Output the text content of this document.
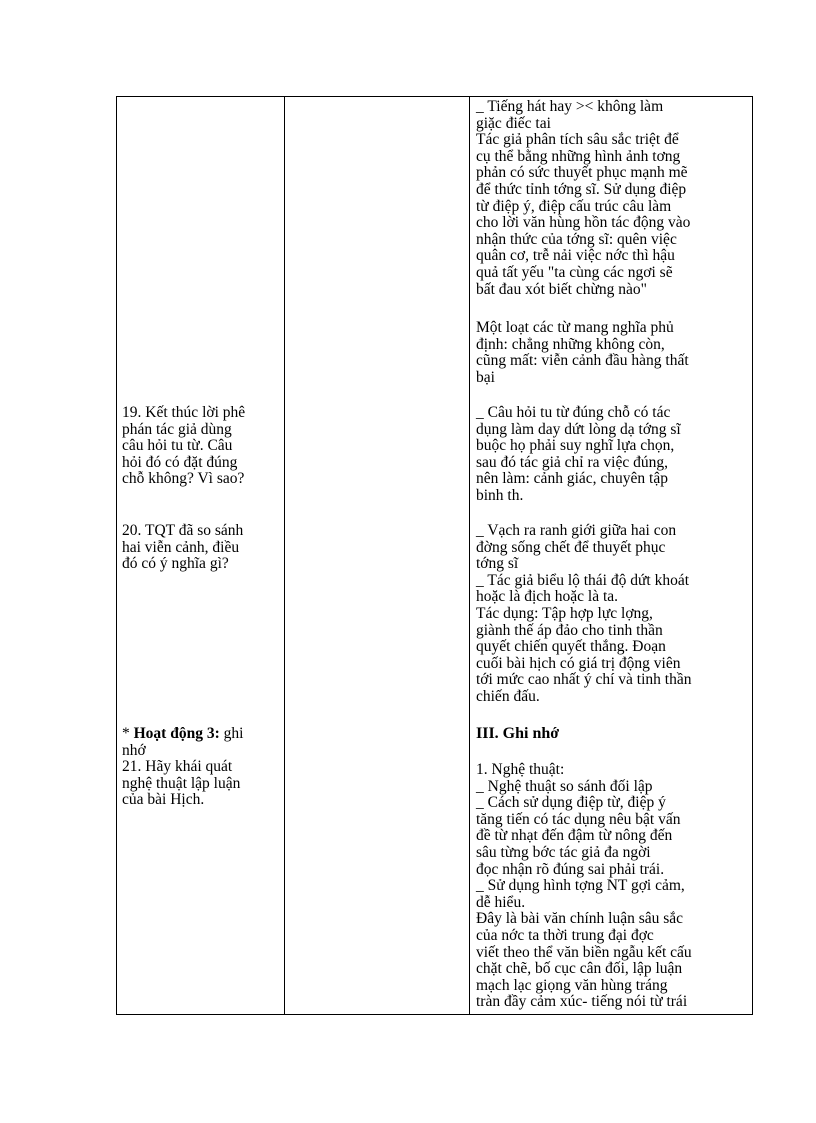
_ Tiếng hát hay >< không làm
giặc điếc tai
Tác giả phân tích sâu sắc triệt để
cụ thể bằng những hình ảnh tơng
phản có sức thuyết phục mạnh mẽ
để thức tỉnh tớng sĩ. Sử dụng điệp
từ điệp ý, điệp cấu trúc câu làm
cho lời văn hùng hồn tác động vào
nhận thức của tớng sĩ: quên việc
quân cơ, trễ nải việc nớc thì hậu
quả tất yếu "ta cùng các ngơi sẽ
bất đau xót biết chừng nào"
Một loạt các từ mang nghĩa phủ
định: chẳng những không còn,
cũng mất: viễn cảnh đầu hàng thất
bại
_ Câu hỏi tu từ đúng chỗ có tác
dụng làm day dứt lòng dạ tớng sĩ
buộc họ phải suy nghĩ lựa chọn,
sau đó tác giả chỉ ra việc đúng,
nên làm: cảnh giác, chuyên tập
binh th.
_ Vạch ra ranh giới giữa hai con
đờng sống chết để thuyết phục
tớng sĩ
_ Tác giả biểu lộ thái độ dứt khoát
hoặc là địch hoặc là ta.
Tác dụng: Tập hợp lực lợng,
giành thế áp đảo cho tinh thần
quyết chiến quyết thắng. Đoạn
cuối bài hịch có giá trị động viên
tới mức cao nhất ý chí và tinh thần
chiến đấu.
III. Ghi nhớ
1. Nghệ thuật:
_ Nghệ thuật so sánh đối lập
_ Cách sử dụng điệp từ, điệp ý
tăng tiến có tác dụng nêu bật vấn
đề từ nhạt đến đậm từ nông đến
sâu từng bớc tác giả đa ngời
đọc nhận rõ đúng sai phải trái.
_ Sử dụng hình tợng NT gợi cảm,
dễ hiểu.
Đây là bài văn chính luận sâu sắc
của nớc ta thời trung đại đợc
viết theo thể văn biền ngẫu kết cấu
chặt chẽ, bố cục cân đối, lập luận
mạch lạc giọng văn hùng tráng
tràn đầy cảm xúc- tiếng nói từ trái
19. Kết thúc lời phê
phán tác giả dùng
câu hỏi tu từ. Câu
hỏi đó có đặt đúng
chỗ không? Vì sao?
20. TQT đã so sánh
hai viễn cảnh, điều
đó có ý nghĩa gì?
* Hoạt động 3: ghi
nhớ
21. Hãy khái quát
nghệ thuật lập luận
của bài Hịch.
